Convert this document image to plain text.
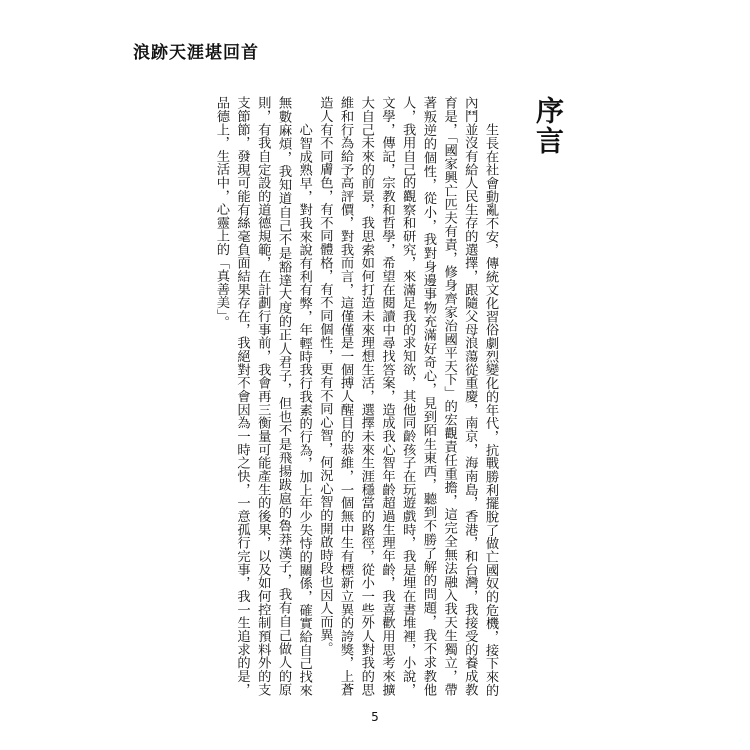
浪跡天涯堪回首
序言

生長在社會動亂不安，傳統文化習俗劇烈變化的年代，抗戰勝利擺脫了做亡國奴的危機，接下來的內鬥並沒有給人民生存的選擇，跟隨父母浪蕩從重慶，南京，海南島，香港，和台灣，我接受的養成教育是，「國家興亡匹夫有責，修身齊家治國平天下」的宏觀責任重擔，這完全無法融入我天生獨立，帶著叛逆的個性，從小，我對身邊事物充滿好奇心，見到陌生東西，聽到不勝了解的問題，我不求教他人，我用自己的觀察和研究，來滿足我的求知欲，其他同齡孩子在玩遊戲時，我是埋在書堆裡，小說，文學，傳記，宗教和哲學，希望在閱讀中尋找答案，造成我心智年齡超過生理年齡，我喜歡用思考來擴大自己未來的前景，我思索如何打造未來理想生活，選擇未來生涯穩當的路徑，從小一些外人對我的思維和行為給予高評價，對我而言，這僅僅是一個搏人醒目的恭維，一個無中生有標新立異的誇獎，上蒼造人有不同膚色，有不同體格，有不同個性，更有不同心智，何況心智的開啟時段也因人而異。

心智成熟早，對我來說有利有弊，年輕時我行我素的行為，加上年少失恃的關係，確實給自己找來無數麻煩，我知道自己不是豁達大度的正人君子，但也不是飛揚跋扈的魯莽漢子，我有自己做人的原則，有我自定設的道德規範，在計劃行事前，我會再三衡量可能產生的後果，以及如何控制預料外的支支節節，發現可能有絲毫負面結果存在，我絕對不會因為一時之快，一意孤行完事，我一生追求的是，品德上，生活中，心靈上的「真善美」。

5
